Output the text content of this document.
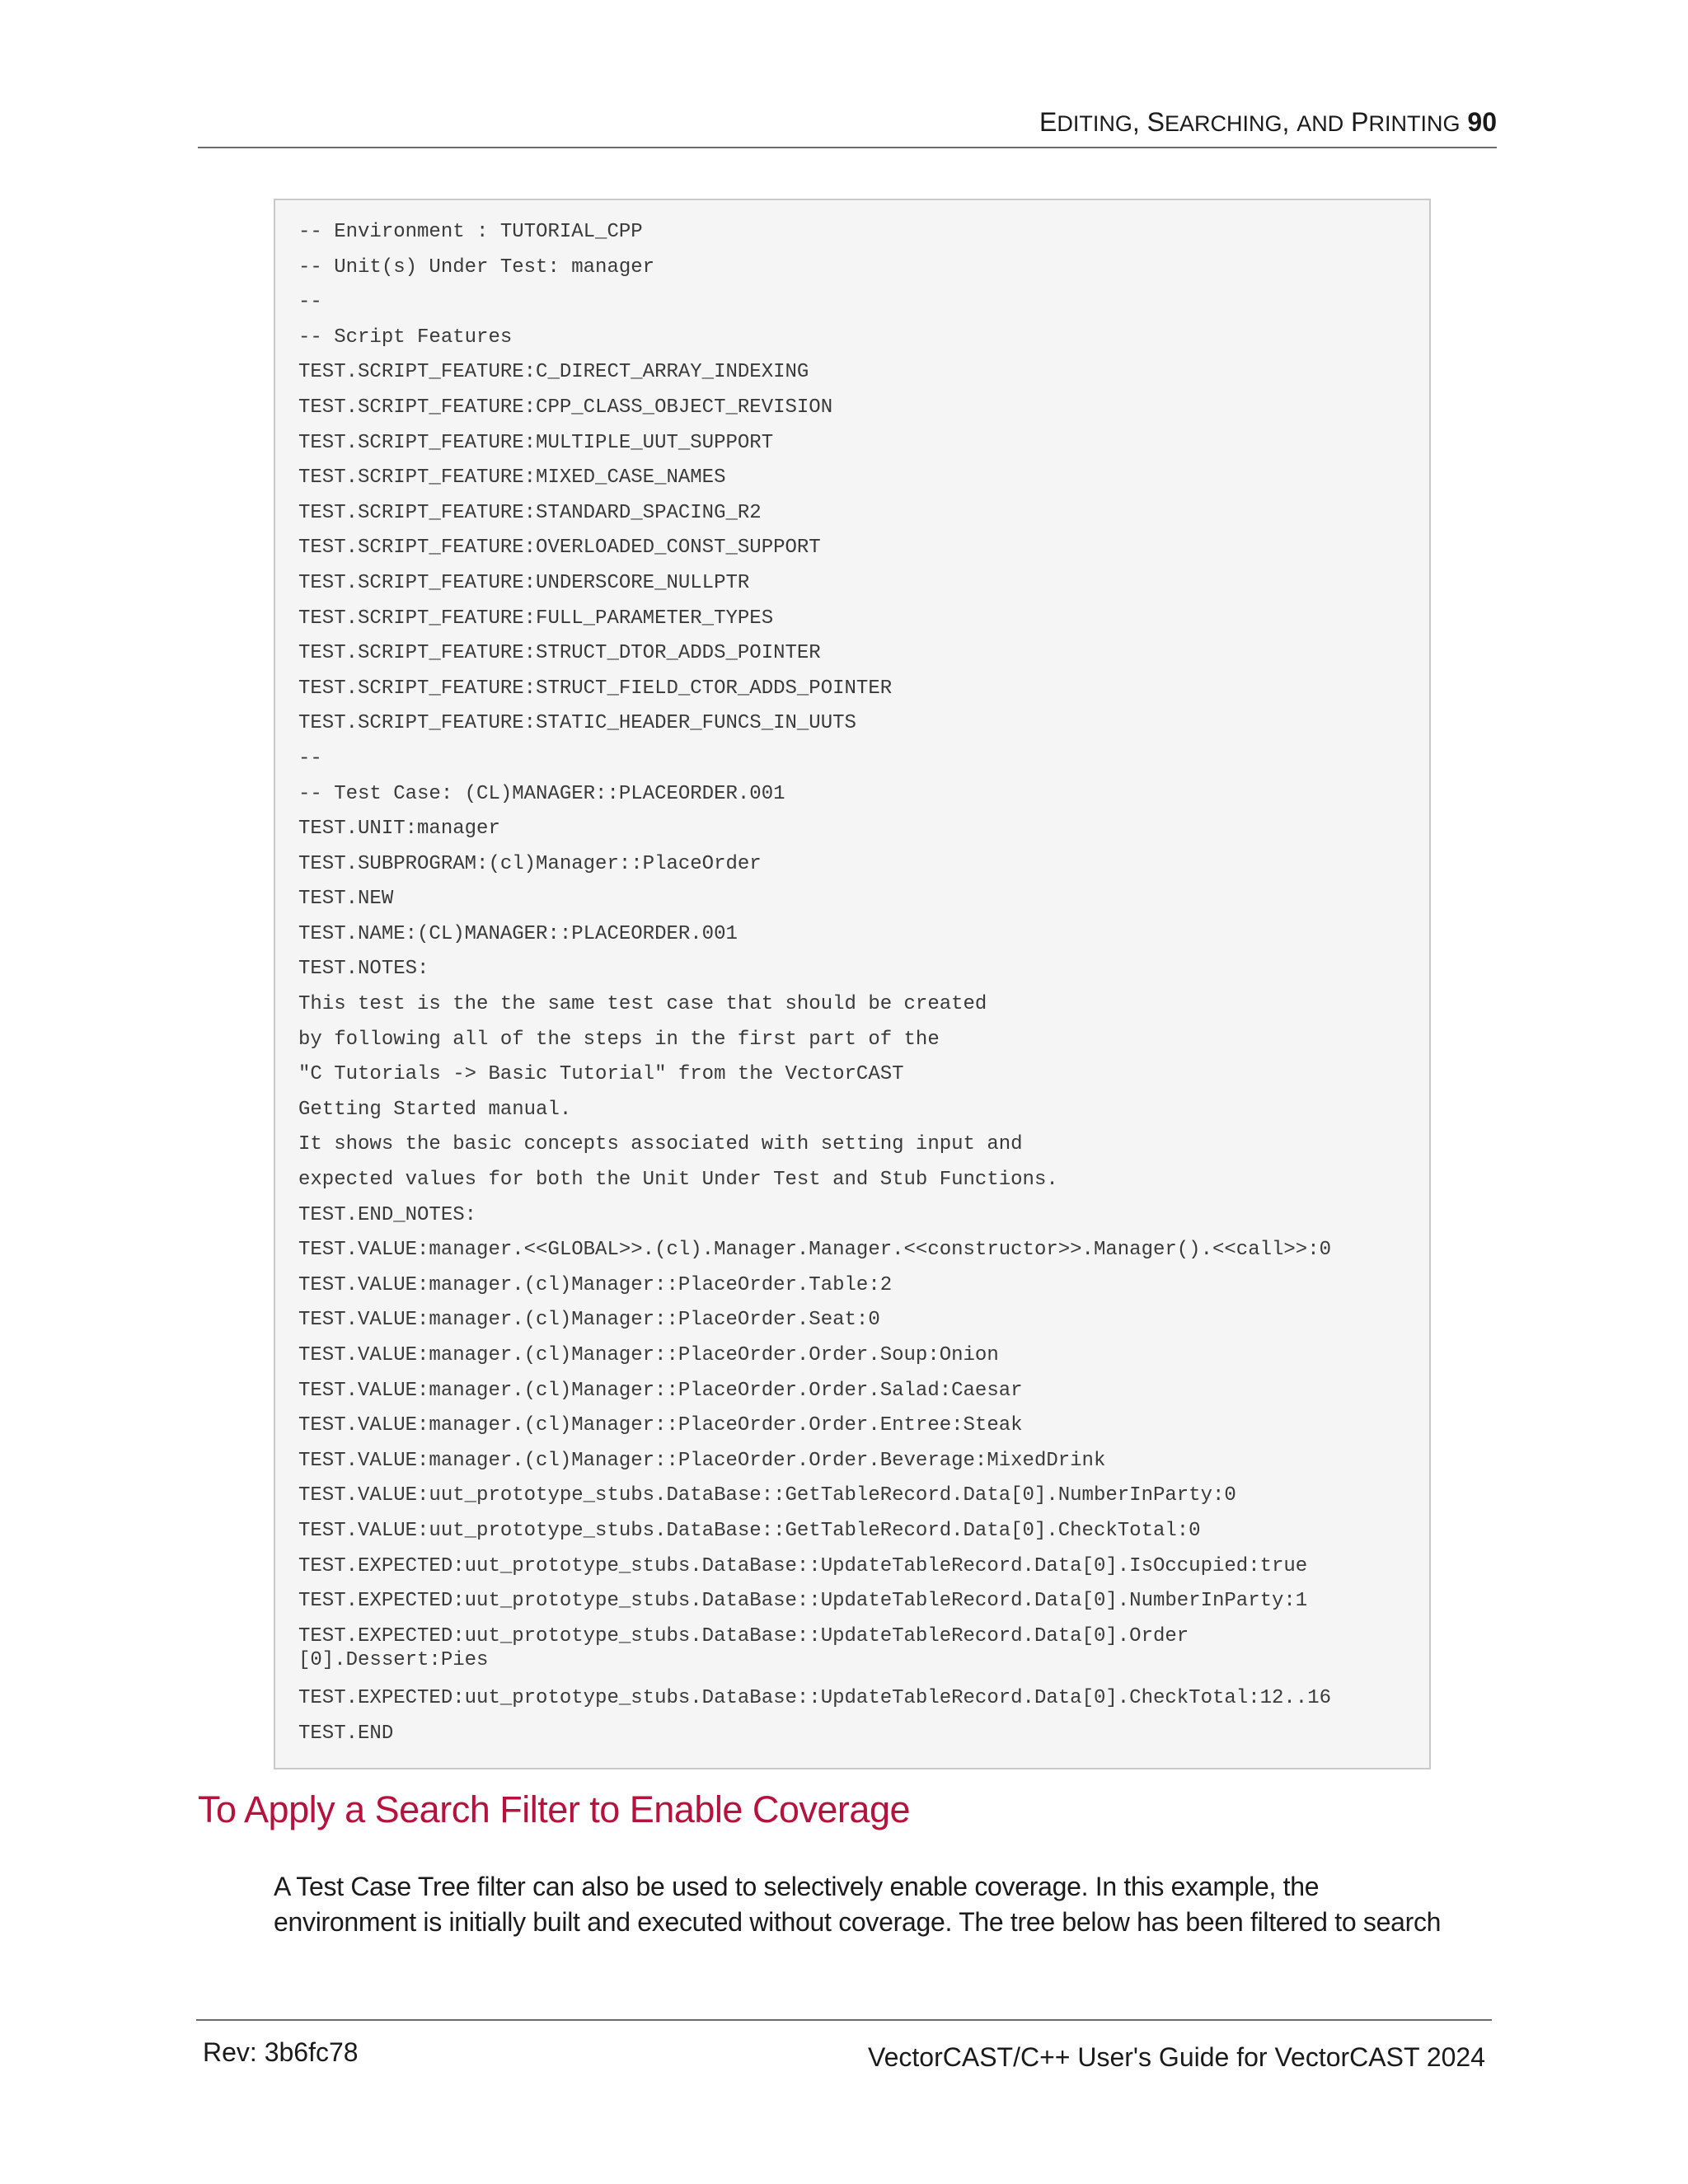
EDITING, SEARCHING, AND PRINTING 90
-- Environment : TUTORIAL_CPP
-- Unit(s) Under Test: manager
--
-- Script Features
TEST.SCRIPT_FEATURE:C_DIRECT_ARRAY_INDEXING
TEST.SCRIPT_FEATURE:CPP_CLASS_OBJECT_REVISION
TEST.SCRIPT_FEATURE:MULTIPLE_UUT_SUPPORT
TEST.SCRIPT_FEATURE:MIXED_CASE_NAMES
TEST.SCRIPT_FEATURE:STANDARD_SPACING_R2
TEST.SCRIPT_FEATURE:OVERLOADED_CONST_SUPPORT
TEST.SCRIPT_FEATURE:UNDERSCORE_NULLPTR
TEST.SCRIPT_FEATURE:FULL_PARAMETER_TYPES
TEST.SCRIPT_FEATURE:STRUCT_DTOR_ADDS_POINTER
TEST.SCRIPT_FEATURE:STRUCT_FIELD_CTOR_ADDS_POINTER
TEST.SCRIPT_FEATURE:STATIC_HEADER_FUNCS_IN_UUTS
--
-- Test Case: (CL)MANAGER::PLACEORDER.001
TEST.UNIT:manager
TEST.SUBPROGRAM:(cl)Manager::PlaceOrder
TEST.NEW
TEST.NAME:(CL)MANAGER::PLACEORDER.001
TEST.NOTES:
This test is the the same test case that should be created
by following all of the steps in the first part of the
"C Tutorials -> Basic Tutorial" from the VectorCAST
Getting Started manual.
It shows the basic concepts associated with setting input and
expected values for both the Unit Under Test and Stub Functions.
TEST.END_NOTES:
TEST.VALUE:manager.<<GLOBAL>>.(cl).Manager.Manager.<<constructor>>.Manager().<<call>>:0
TEST.VALUE:manager.(cl)Manager::PlaceOrder.Table:2
TEST.VALUE:manager.(cl)Manager::PlaceOrder.Seat:0
TEST.VALUE:manager.(cl)Manager::PlaceOrder.Order.Soup:Onion
TEST.VALUE:manager.(cl)Manager::PlaceOrder.Order.Salad:Caesar
TEST.VALUE:manager.(cl)Manager::PlaceOrder.Order.Entree:Steak
TEST.VALUE:manager.(cl)Manager::PlaceOrder.Order.Beverage:MixedDrink
TEST.VALUE:uut_prototype_stubs.DataBase::GetTableRecord.Data[0].NumberInParty:0
TEST.VALUE:uut_prototype_stubs.DataBase::GetTableRecord.Data[0].CheckTotal:0
TEST.EXPECTED:uut_prototype_stubs.DataBase::UpdateTableRecord.Data[0].IsOccupied:true
TEST.EXPECTED:uut_prototype_stubs.DataBase::UpdateTableRecord.Data[0].NumberInParty:1
TEST.EXPECTED:uut_prototype_stubs.DataBase::UpdateTableRecord.Data[0].Order
[0].Dessert:Pies
TEST.EXPECTED:uut_prototype_stubs.DataBase::UpdateTableRecord.Data[0].CheckTotal:12..16
TEST.END
To Apply a Search Filter to Enable Coverage

A Test Case Tree filter can also be used to selectively enable coverage. In this example, the

environment is initially built and executed without coverage. The tree below has been filtered to search

Rev: 3b6fc78	VectorCAST/C++ User's Guide for VectorCAST 2024
